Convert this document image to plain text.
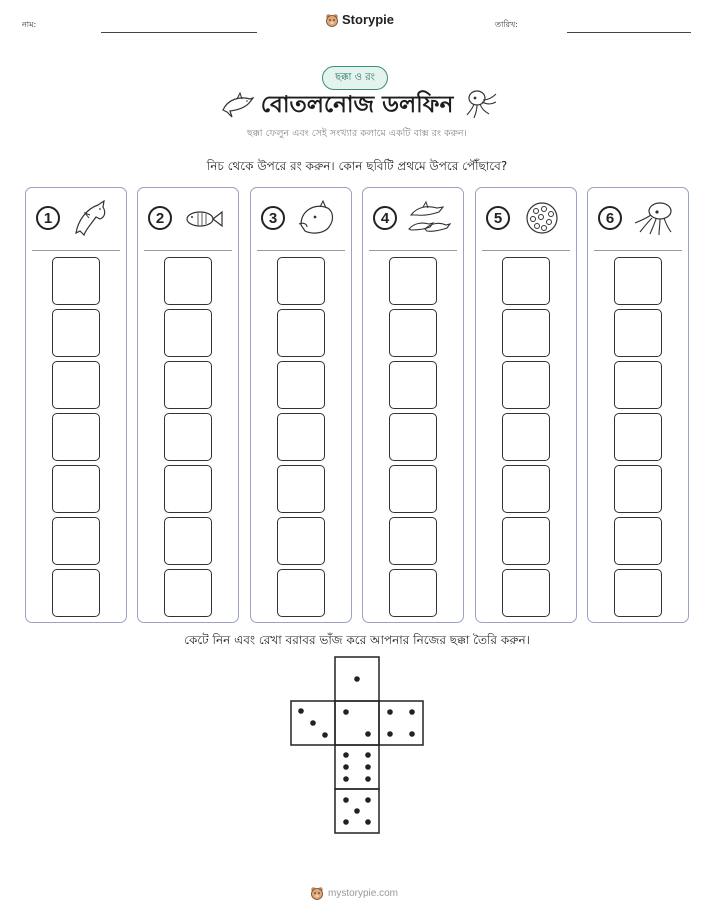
নাম:	Storypie	তারিখ:
ছক্কা ও রং
বোতলনোজ ডলফিন
ছক্কা ফেলুন এবং সেই সংখ্যার কলামে একটি বাক্স রং করুন।
নিচ থেকে উপরে রং করুন। কোন ছবিটি প্রথমে উপরে পৌঁছাবে?
1	2	3	4	5	6
কেটে নিন এবং রেখা বরাবর ভাঁজ করে আপনার নিজের ছক্কা তৈরি করুন।
mystorypie.com
